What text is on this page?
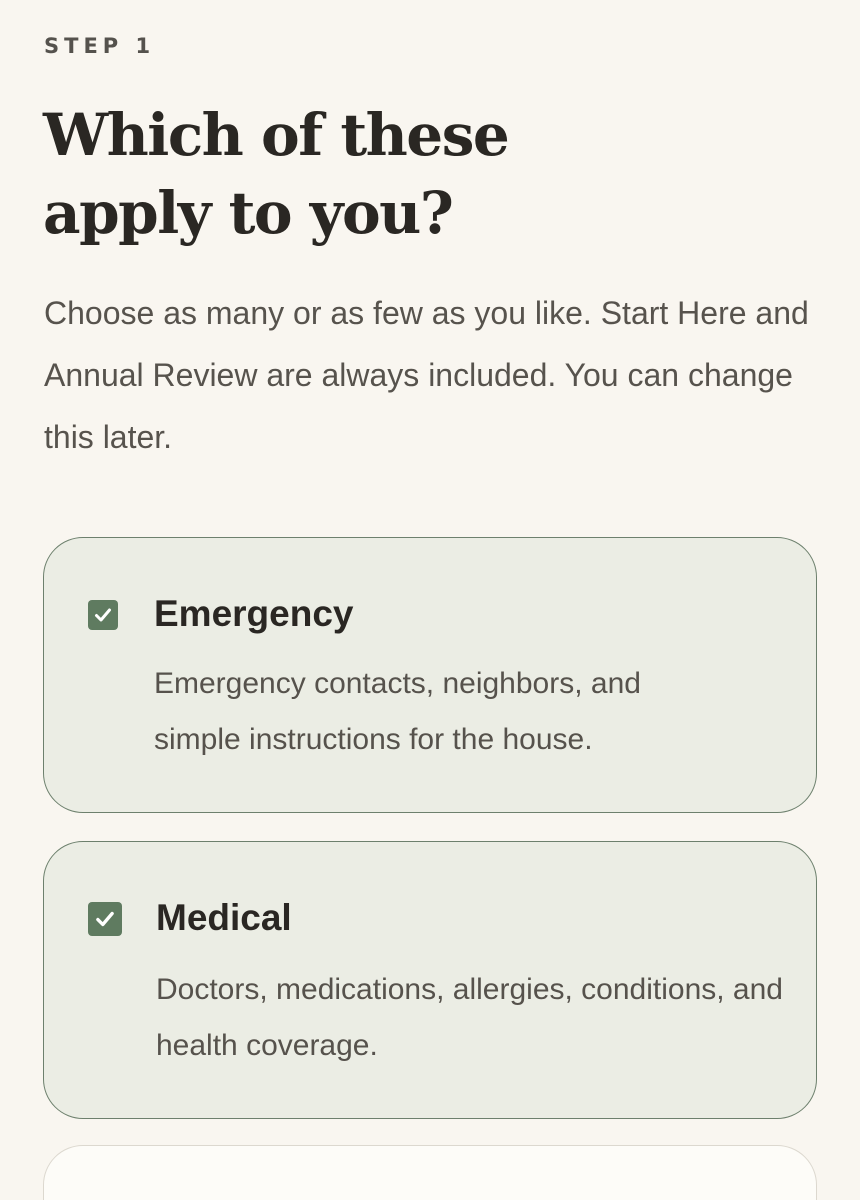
STEP 1
Which of these apply to you?

Choose as many or as few as you like. Start Here and Annual Review are always included. You can change this later.

Emergency
Emergency contacts, neighbors, and simple instructions for the house.
Medical
Doctors, medications, allergies, conditions, and health coverage.
